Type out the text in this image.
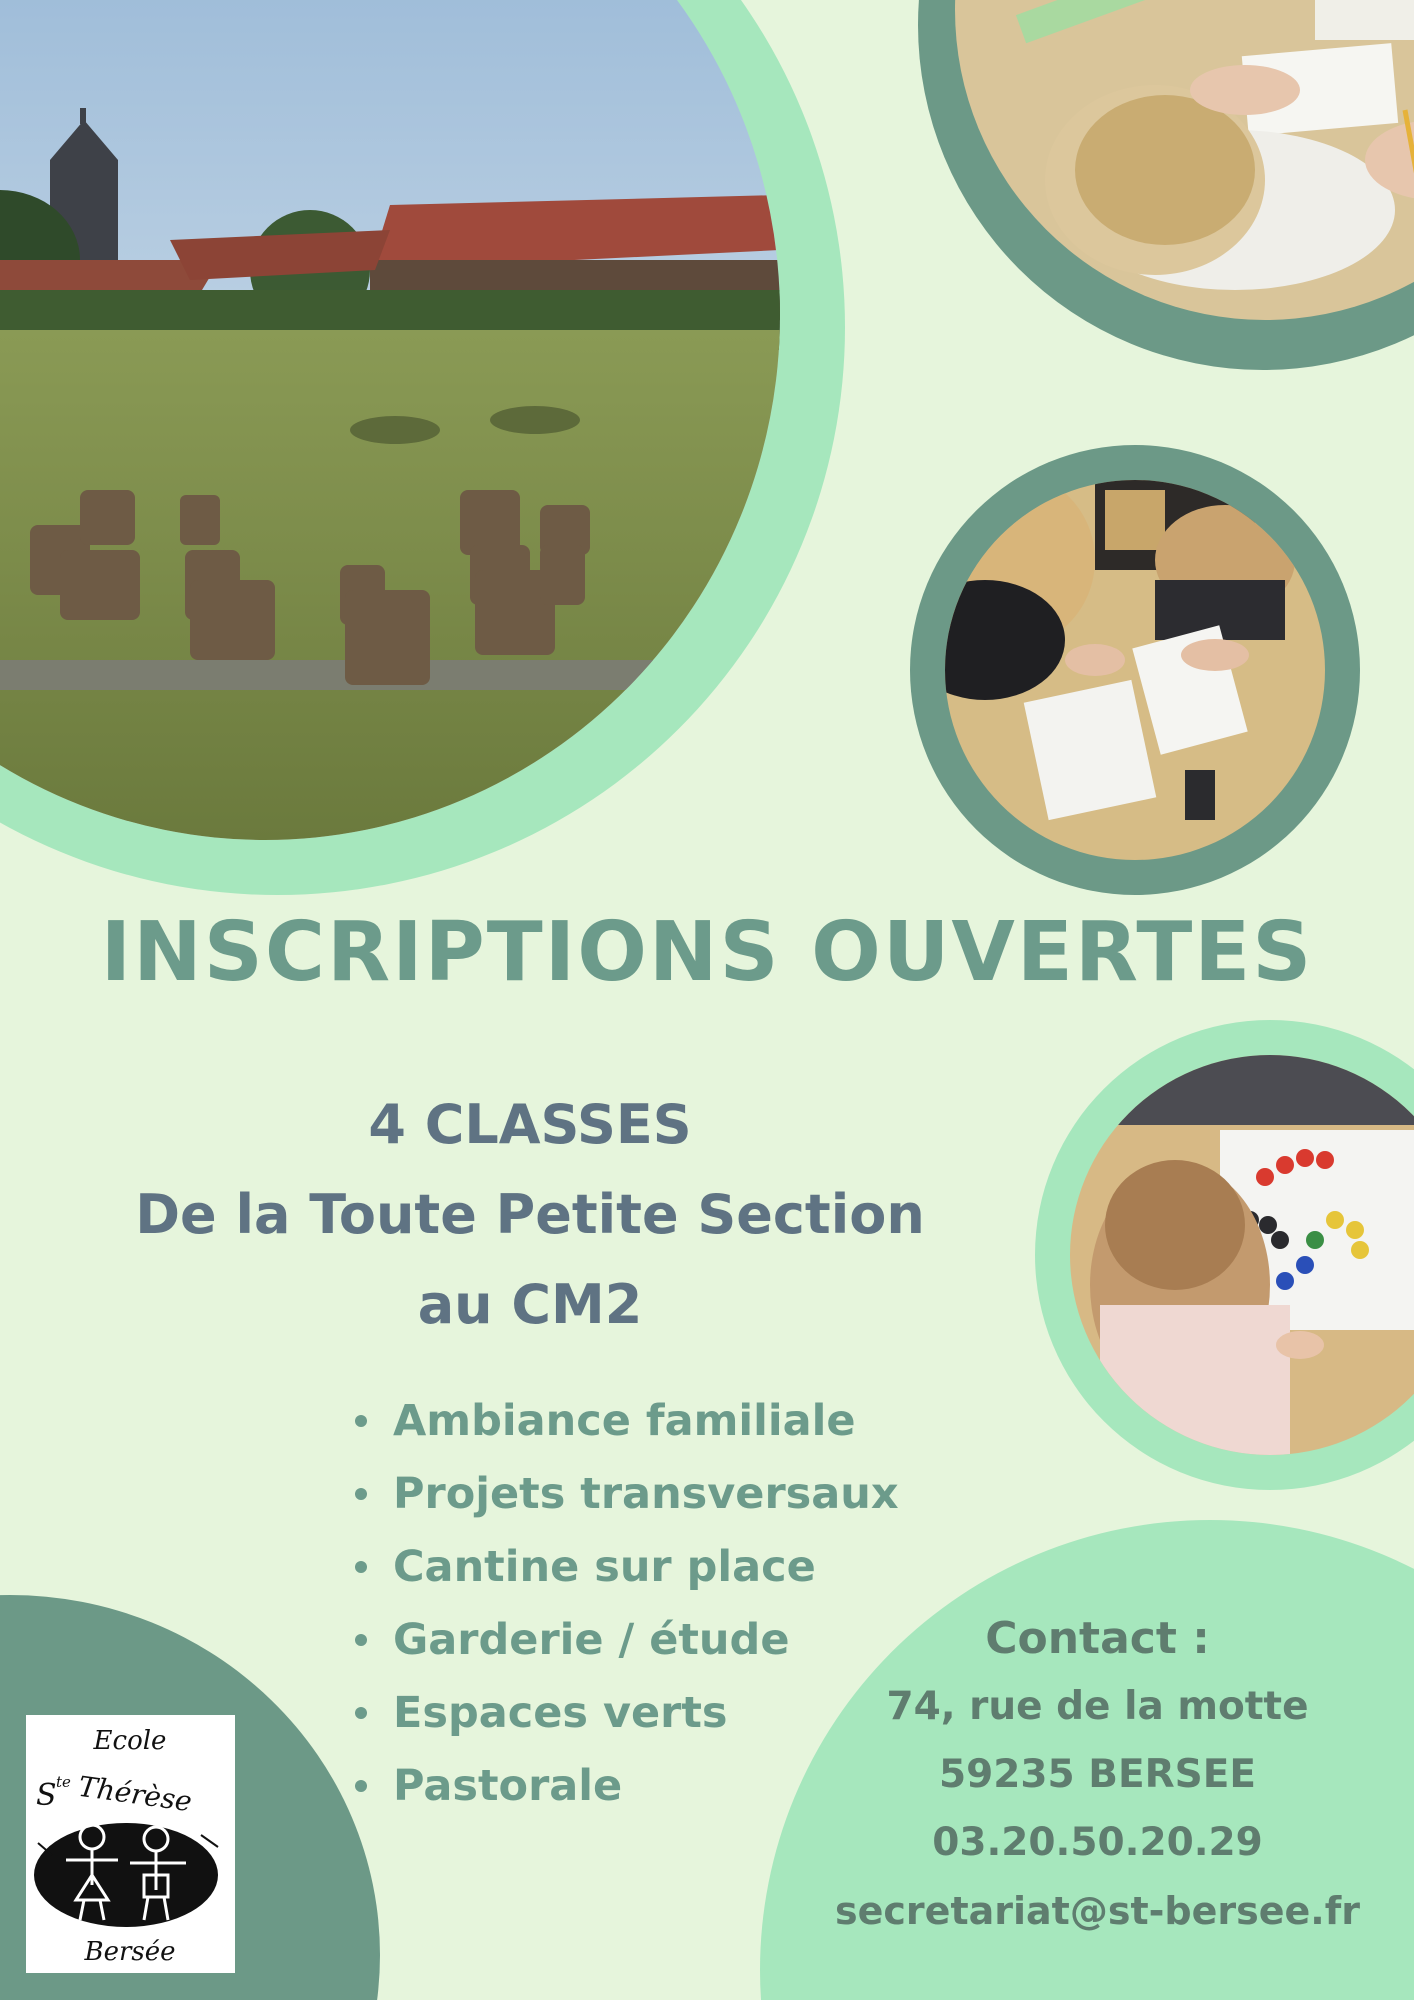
INSCRIPTIONS OUVERTES
4 CLASSES
De la Toute Petite Section
au CM2
Ambiance familiale
Projets transversaux
Cantine sur place
Garderie / étude
Espaces verts
Pastorale
Contact :
74, rue de la motte
59235 BERSEE
03.20.50.20.29
secretariat@st-bersee.fr
Ecole
S te Thérèse
Bersée
